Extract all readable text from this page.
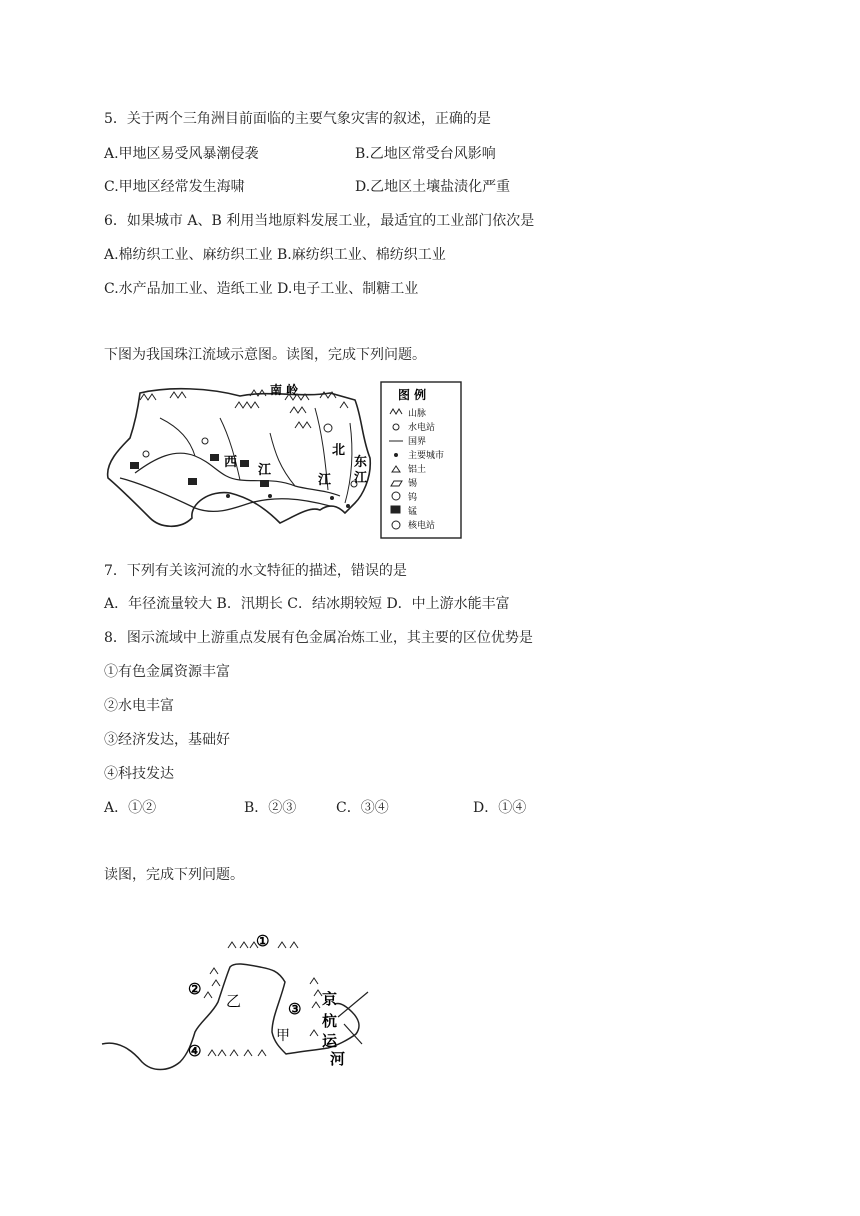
5．关于两个三角洲目前面临的主要气象灾害的叙述，正确的是
A.甲地区易受风暴潮侵袭	B.乙地区常受台风影响
C.甲地区经常发生海啸	D.乙地区土壤盐渍化严重
6．如果城市 A、B 利用当地原料发展工业，最适宜的工业部门依次是
A.棉纺织工业、麻纺织工业 B.麻纺织工业、棉纺织工业
C.水产品加工业、造纸工业 D.电子工业、制糖工业
下图为我国珠江流域示意图。读图，完成下列问题。
南 岭
西
江
北
江
东
江
图 例
山脉
水电站
国界
主要城市
铝土
锡
钨
锰
核电站
7．下列有关该河流的水文特征的描述，错误的是
A．年径流量较大 B．汛期长 C．结冰期较短 D．中上游水能丰富
8．图示流域中上游重点发展有色金属冶炼工业，其主要的区位优势是
①有色金属资源丰富
②水电丰富
③经济发达，基础好
④科技发达
A．①②	B．②③	C．③④	D．①④
读图，完成下列问题。
①
②
乙	③
甲
京
杭
运
河
④
